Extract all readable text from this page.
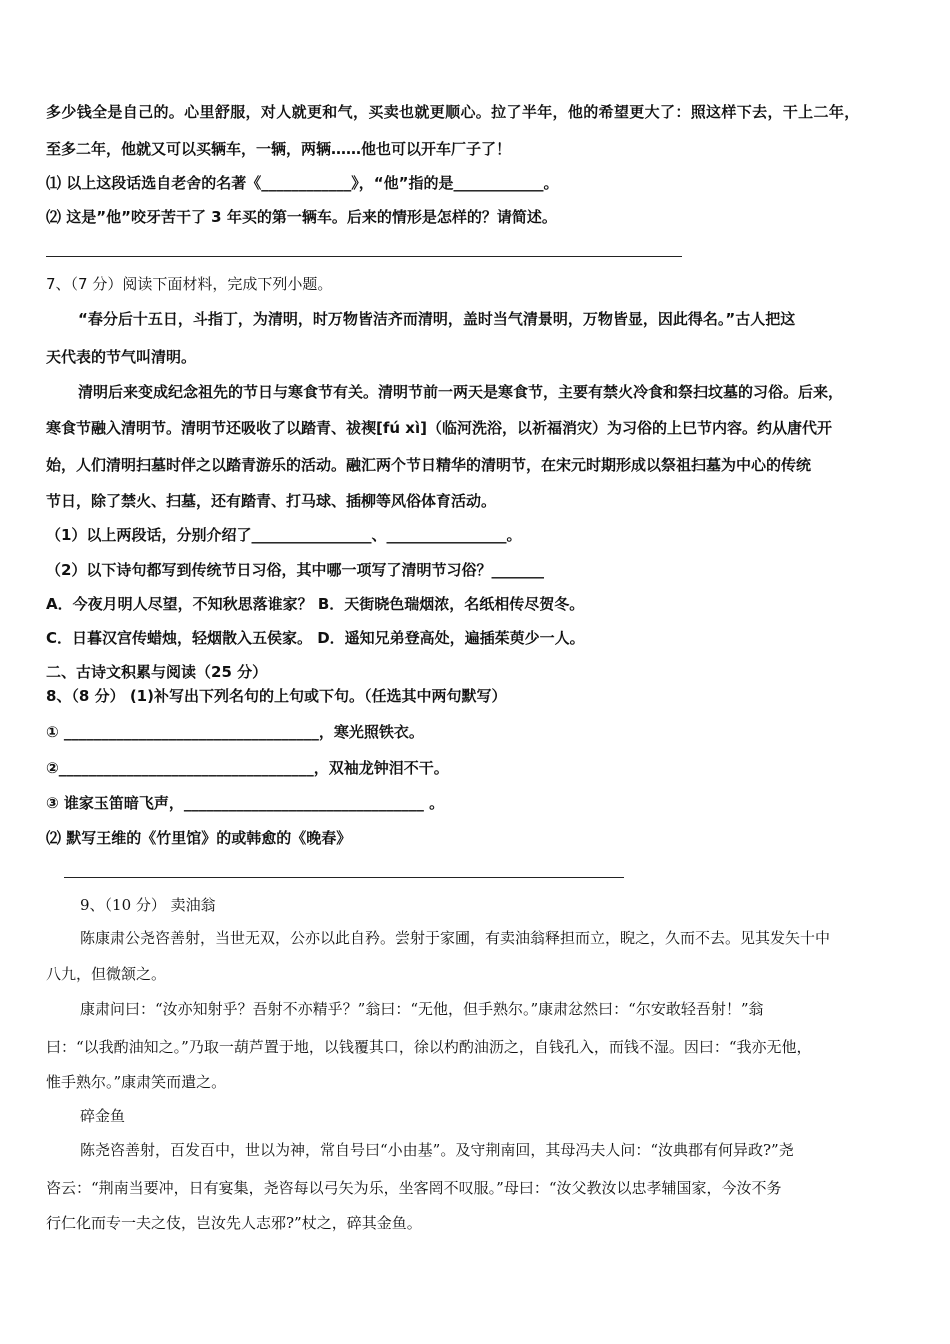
多少钱全是自己的。心里舒服，对人就更和气，买卖也就更顺心。拉了半年，他的希望更大了：照这样下去，干上二年，
至多二年，他就又可以买辆车，一辆，两辆……他也可以开车厂子了！
⑴ 以上这段话选自老舍的名著《____________》，“他”指的是____________。
⑵ 这是”他”咬牙苦干了 3 年买的第一辆车。后来的情形是怎样的？请简述。
7、（7 分）阅读下面材料，完成下列小题。
“春分后十五日，斗指丁，为清明，时万物皆洁齐而清明，盖时当气清景明，万物皆显，因此得名。”古人把这
天代表的节气叫清明。
清明后来变成纪念祖先的节日与寒食节有关。清明节前一两天是寒食节，主要有禁火冷食和祭扫坟墓的习俗。后来，
寒食节融入清明节。清明节还吸收了以踏青、祓禊[fú xì]（临河洗浴，以祈福消灾）为习俗的上巳节内容。约从唐代开
始，人们清明扫墓时伴之以踏青游乐的活动。融汇两个节日精华的清明节，在宋元时期形成以祭祖扫墓为中心的传统
节日，除了禁火、扫墓，还有踏青、打马球、插柳等风俗体育活动。
（1）以上两段话，分别介绍了________________、________________。
（2）以下诗句都写到传统节日习俗，其中哪一项写了清明节习俗？_______
A．今夜月明人尽望，不知秋思落谁家？ B．天街晓色瑞烟浓，名纸相传尽贺冬。
C．日暮汉宫传蜡烛，轻烟散入五侯家。 D．遥知兄弟登高处，遍插茱萸少一人。
二、古诗文积累与阅读（25 分）
8、（8 分） (1)补写出下列名句的上句或下句。（任选其中两句默写）
① __________________________________，寒光照铁衣。
②__________________________________，双袖龙钟泪不干。
③ 谁家玉笛暗飞声，________________________________ 。
⑵ 默写王维的《竹里馆》的或韩愈的《晚春》
9、（10 分） 卖油翁
陈康肃公尧咨善射，当世无双，公亦以此自矜。尝射于家圃，有卖油翁释担而立，睨之，久而不去。见其发矢十中
八九，但微颔之。
康肃问曰：“汝亦知射乎？吾射不亦精乎？”翁曰：“无他，但手熟尔。”康肃忿然曰：“尔安敢轻吾射！”翁
曰：“以我酌油知之。”乃取一葫芦置于地，以钱覆其口，徐以杓酌油沥之，自钱孔入，而钱不湿。因曰：“我亦无他，
惟手熟尔。”康肃笑而遣之。
碎金鱼
陈尧咨善射，百发百中，世以为神，常自号曰“小由基”。及守荆南回，其母冯夫人问：“汝典郡有何异政?”尧
咨云：“荆南当要冲，日有宴集，尧咨每以弓矢为乐，坐客罔不叹服。”母曰：“汝父教汝以忠孝辅国家，今汝不务
行仁化而专一夫之伎，岂汝先人志邪?”杖之，碎其金鱼。
